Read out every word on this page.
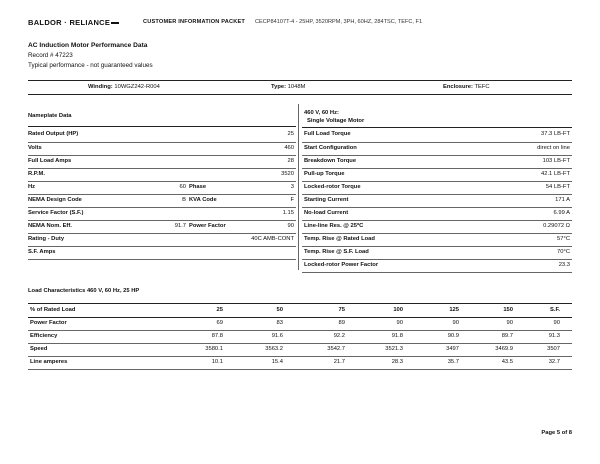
BALDOR · RELIANCE	CUSTOMER INFORMATION PACKET CECP84107T-4 - 25HP, 3520RPM, 3PH, 60HZ, 284TSC, TEFC, F1
AC Induction Motor Performance Data
Record # 47223
Typical performance - not guaranteed values
Winding: 10WGZ242-R004	Type: 1048M	Enclosure: TEFC
Nameplate Data
Rated Output (HP)	25
Volts	460
Full Load Amps	28
R.P.M.	3520
Hz	60 Phase	3
NEMA Design Code	B KVA Code	F
Service Factor (S.F.)	1.15
NEMA Nom. Eff.	91.7 Power Factor	90
Rating - Duty	40C AMB-CONT
S.F. Amps
460 V, 60 Hz:
Single Voltage Motor
Full Load Torque	37.3 LB-FT
Start Configuration	direct on line
Breakdown Torque	103 LB-FT
Pull-up Torque	42.1 LB-FT
Locked-rotor Torque	54 LB-FT
Starting Current	171 A
No-load Current	6.99 A
Line-line Res. @ 25ºC	0.29072 Ω
Temp. Rise @ Rated Load	57°C
Temp. Rise @ S.F. Load	70°C
Locked-rotor Power Factor	23.3
Load Characteristics 460 V, 60 Hz, 25 HP
% of Rated Load	25	50	75	100	125	150	S.F.
Power Factor	69	83	89	90	90	90	90
Efficiency	87.8	91.6	92.2	91.8	90.9	89.7	91.3
Speed	3580.1	3563.2	3542.7	3521.3	3497	3469.9	3507
Line amperes	10.1	15.4	21.7	28.3	35.7	43.5	32.7
Page 5 of 8
